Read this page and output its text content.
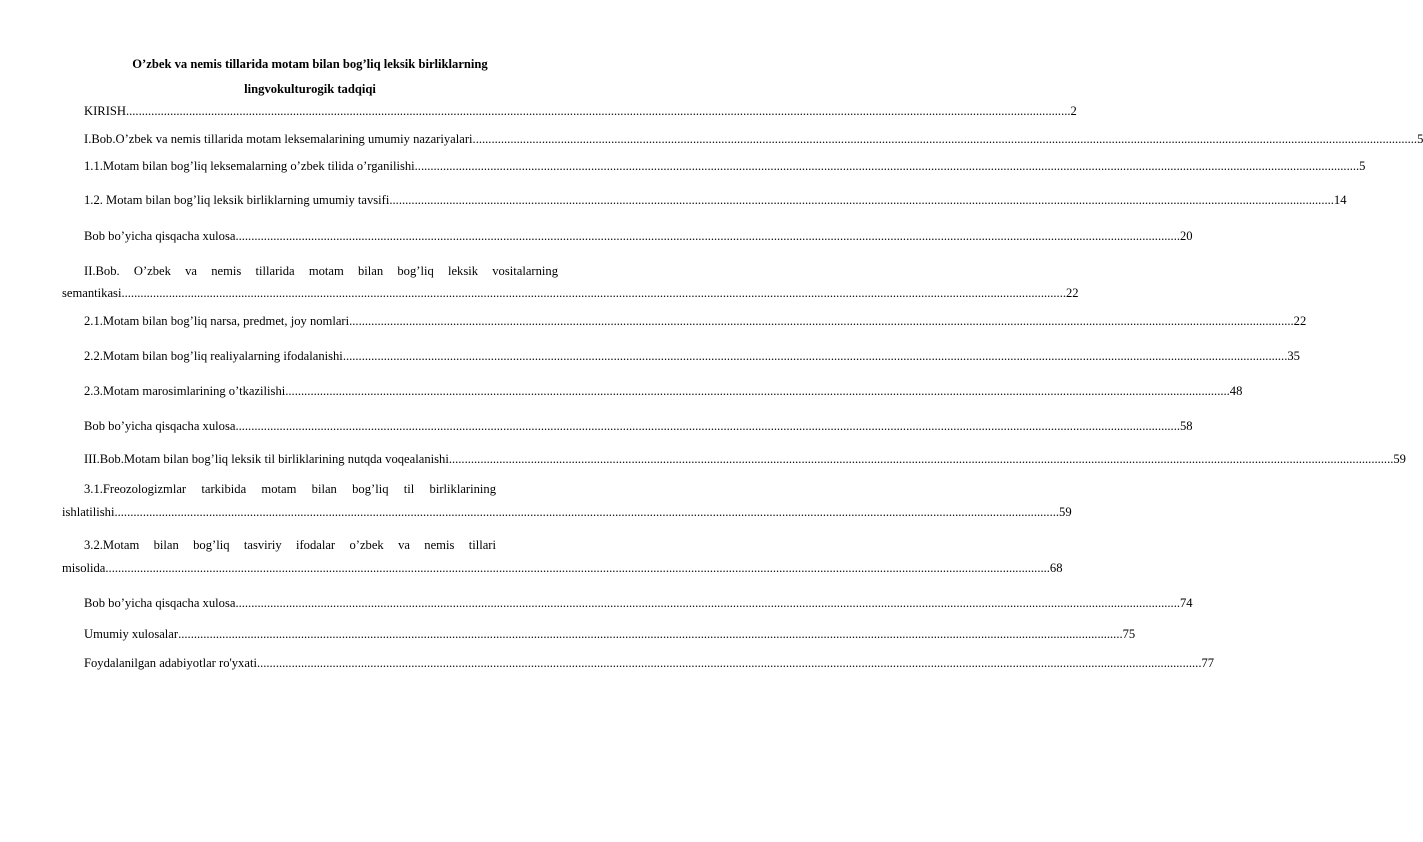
O’zbek va nemis tillarida motam bilan bog’liq leksik birliklarning
lingvokulturogik tadqiqi
KIRISH ............................................................................................................................................................................................................................................................................................................ 2
I.Bob.O’zbek va nemis tillarida motam leksemalarining umumiy nazariyalari ............................................................................................................................................................................................................................................................................................................ 5
1.1.Motam bilan bog’liq leksemalarning o’zbek tilida o’rganilishi ............................................................................................................................................................................................................................................................................................................ 5
1.2. Motam bilan bog’liq leksik birliklarning umumiy tavsifi ............................................................................................................................................................................................................................................................................................................ 14
Bob bo’yicha qisqacha xulosa ............................................................................................................................................................................................................................................................................................................ 20
II.Bob. O’zbek va nemis tillarida motam bilan bog’liq leksik vositalarning
semantikasi ............................................................................................................................................................................................................................................................................................................ 22
2.1.Motam bilan bog’liq narsa, predmet, joy nomlari ............................................................................................................................................................................................................................................................................................................ 22
2.2.Motam bilan bog’liq realiyalarning ifodalanishi ............................................................................................................................................................................................................................................................................................................ 35
2.3.Motam marosimlarining o’tkazilishi ............................................................................................................................................................................................................................................................................................................ 48
Bob bo’yicha qisqacha xulosa ............................................................................................................................................................................................................................................................................................................ 58
III.Bob.Motam bilan bog’liq leksik til birliklarining nutqda voqealanishi ............................................................................................................................................................................................................................................................................................................ 59
3.1.Freozologizmlar tarkibida motam bilan bog’liq til birliklarining
ishlatilishi ............................................................................................................................................................................................................................................................................................................ 59
3.2.Motam bilan bog’liq tasviriy ifodalar o’zbek va nemis tillari
misolida ............................................................................................................................................................................................................................................................................................................ 68
Bob bo’yicha qisqacha xulosa ............................................................................................................................................................................................................................................................................................................ 74
Umumiy xulosalar ............................................................................................................................................................................................................................................................................................................ 75
Foydalanilgan adabiyotlar ro'yxati ............................................................................................................................................................................................................................................................................................................ 77
